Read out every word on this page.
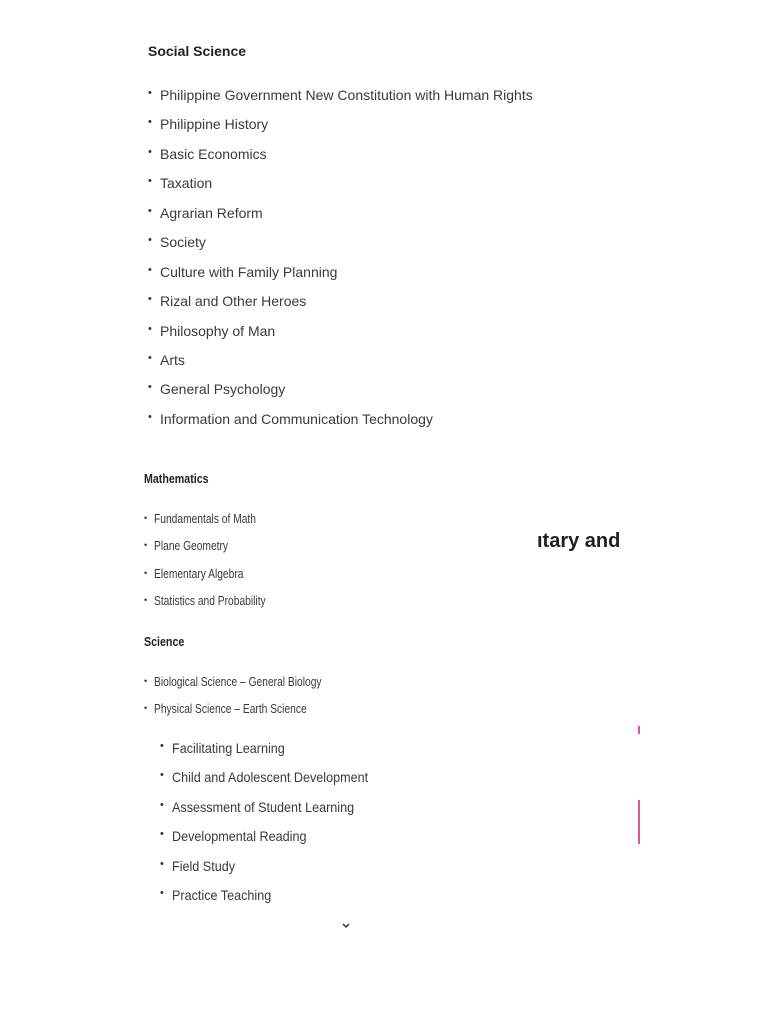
Social Science
• Philippine Government New Constitution with Human Rights
• Philippine History
• Basic Economics
• Taxation
• Agrarian Reform
• Society
• Culture with Family Planning
• Rizal and Other Heroes
• Philosophy of Man
• Arts
• General Psychology
• Information and Communication Technology
Mathematics
• Fundamentals of Math
• Plane Geometry
• Elementary Algebra
• Statistics and Probability
ıtary and
Science
• Biological Science – General Biology
• Physical Science – Earth Science
• Facilitating Learning
• Child and Adolescent Development
• Assessment of Student Learning
• Developmental Reading
• Field Study
• Practice Teaching
